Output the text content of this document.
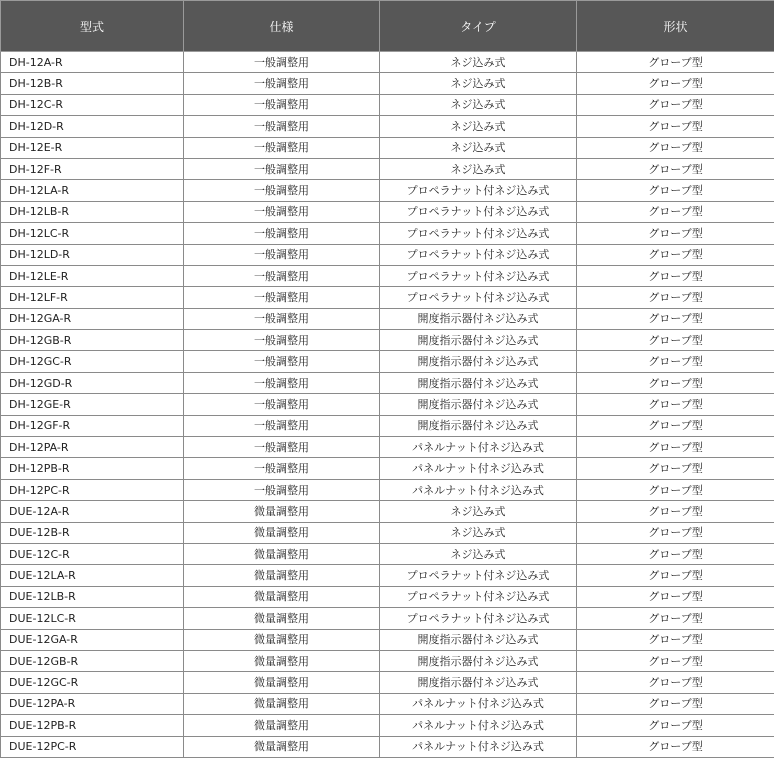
型式	仕様	タイプ	形状
DH-12A-R	一般調整用	ネジ込み式	グローブ型
DH-12B-R	一般調整用	ネジ込み式	グローブ型
DH-12C-R	一般調整用	ネジ込み式	グローブ型
DH-12D-R	一般調整用	ネジ込み式	グローブ型
DH-12E-R	一般調整用	ネジ込み式	グローブ型
DH-12F-R	一般調整用	ネジ込み式	グローブ型
DH-12LA-R	一般調整用	プロペラナット付ネジ込み式	グローブ型
DH-12LB-R	一般調整用	プロペラナット付ネジ込み式	グローブ型
DH-12LC-R	一般調整用	プロペラナット付ネジ込み式	グローブ型
DH-12LD-R	一般調整用	プロペラナット付ネジ込み式	グローブ型
DH-12LE-R	一般調整用	プロペラナット付ネジ込み式	グローブ型
DH-12LF-R	一般調整用	プロペラナット付ネジ込み式	グローブ型
DH-12GA-R	一般調整用	開度指示器付ネジ込み式	グローブ型
DH-12GB-R	一般調整用	開度指示器付ネジ込み式	グローブ型
DH-12GC-R	一般調整用	開度指示器付ネジ込み式	グローブ型
DH-12GD-R	一般調整用	開度指示器付ネジ込み式	グローブ型
DH-12GE-R	一般調整用	開度指示器付ネジ込み式	グローブ型
DH-12GF-R	一般調整用	開度指示器付ネジ込み式	グローブ型
DH-12PA-R	一般調整用	パネルナット付ネジ込み式	グローブ型
DH-12PB-R	一般調整用	パネルナット付ネジ込み式	グローブ型
DH-12PC-R	一般調整用	パネルナット付ネジ込み式	グローブ型
DUE-12A-R	微量調整用	ネジ込み式	グローブ型
DUE-12B-R	微量調整用	ネジ込み式	グローブ型
DUE-12C-R	微量調整用	ネジ込み式	グローブ型
DUE-12LA-R	微量調整用	プロペラナット付ネジ込み式	グローブ型
DUE-12LB-R	微量調整用	プロペラナット付ネジ込み式	グローブ型
DUE-12LC-R	微量調整用	プロペラナット付ネジ込み式	グローブ型
DUE-12GA-R	微量調整用	開度指示器付ネジ込み式	グローブ型
DUE-12GB-R	微量調整用	開度指示器付ネジ込み式	グローブ型
DUE-12GC-R	微量調整用	開度指示器付ネジ込み式	グローブ型
DUE-12PA-R	微量調整用	パネルナット付ネジ込み式	グローブ型
DUE-12PB-R	微量調整用	パネルナット付ネジ込み式	グローブ型
DUE-12PC-R	微量調整用	パネルナット付ネジ込み式	グローブ型
